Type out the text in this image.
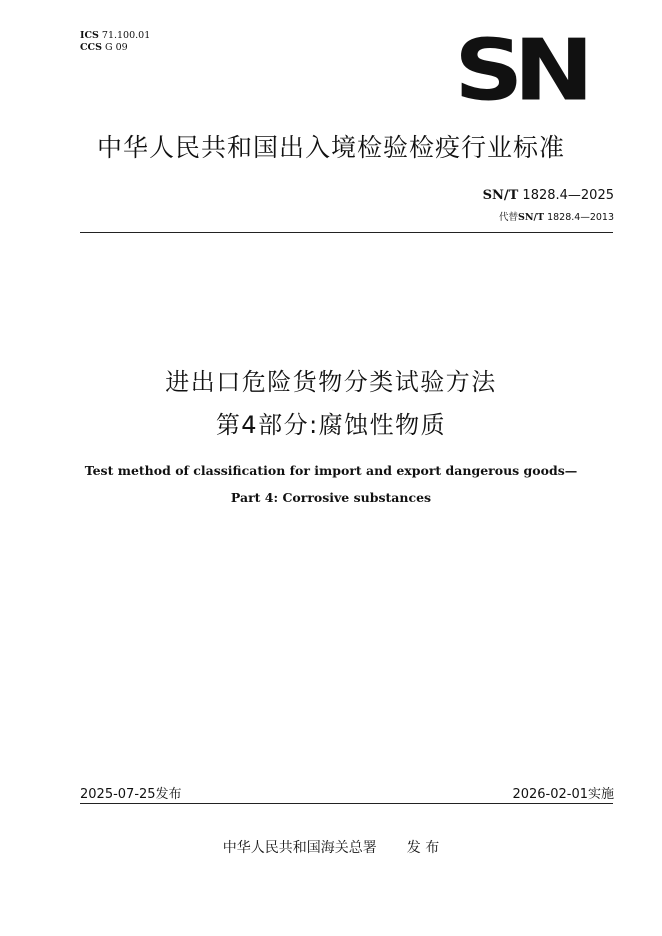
ICS 71.100.01
CCS G 09	SN
中华人民共和国出入境检验检疫行业标准
SN/T 1828.4—2025
代替SN/T 1828.4—2013
进出口危险货物分类试验方法
第4部分:腐蚀性物质
Test method of classification for import and export dangerous goods—
Part 4: Corrosive substances
2025-07-25发布	2026-02-01实施
中华人民共和国海关总署 发 布
